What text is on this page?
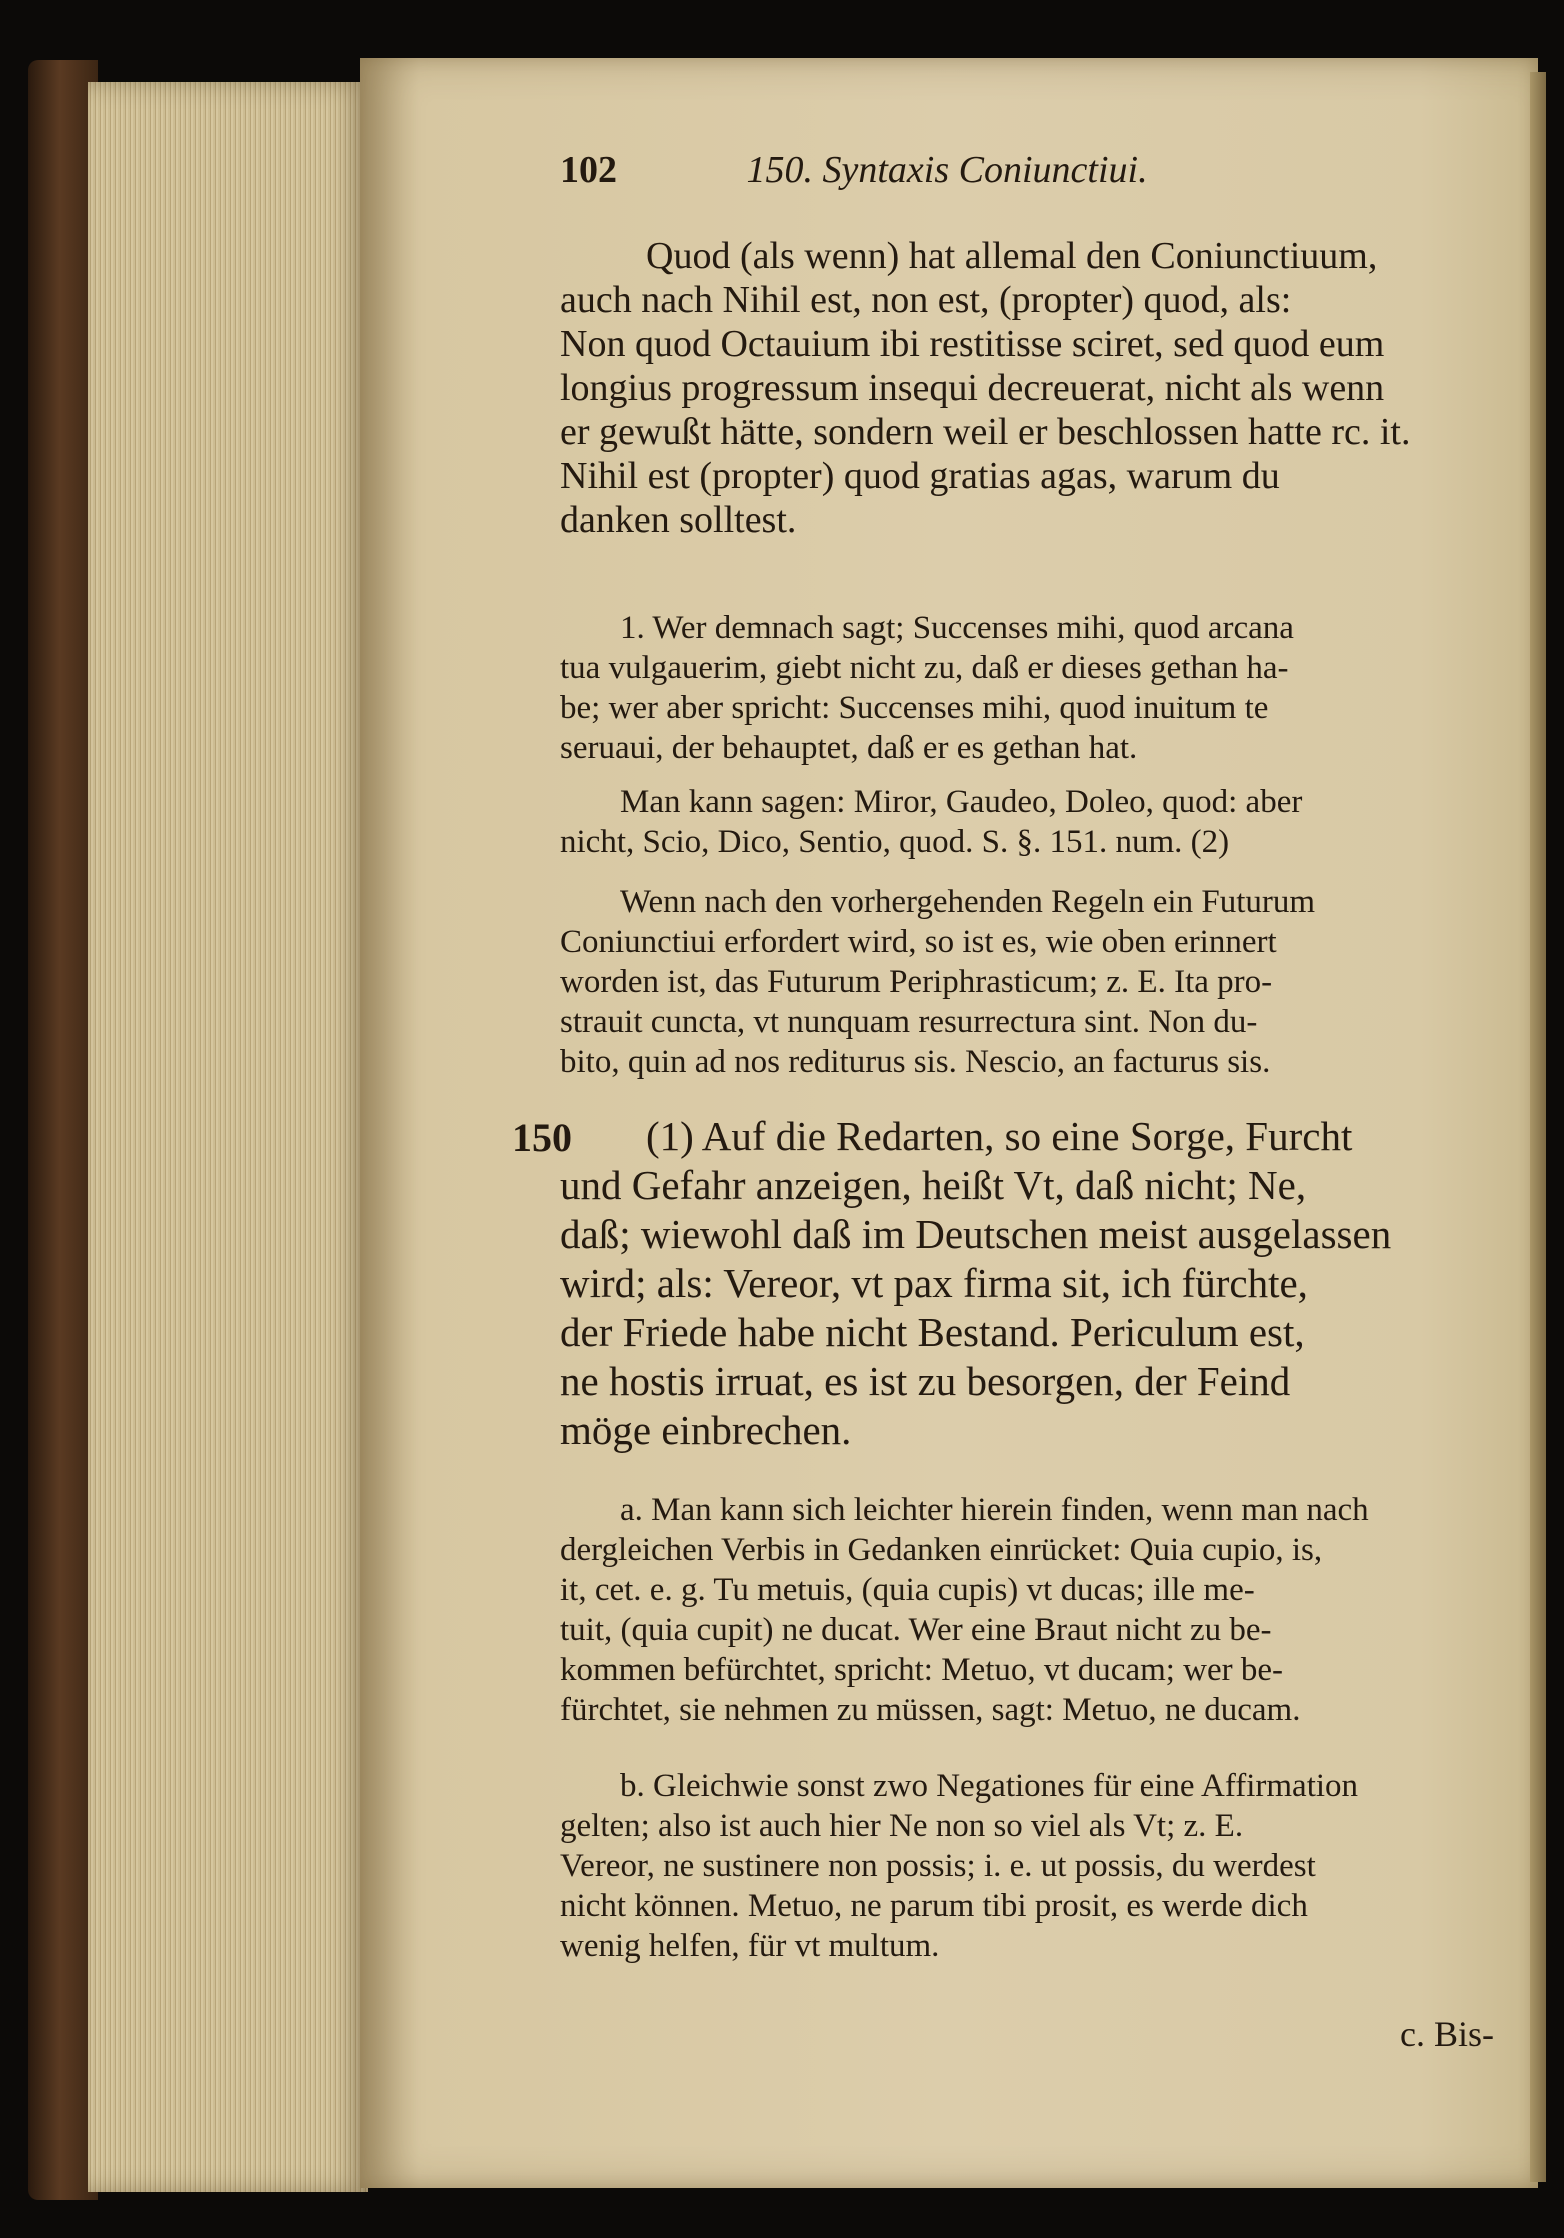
102	150. Syntaxis Coniunctiui.
Quod (als wenn) hat allemal den Coniunctiuum,
auch nach Nihil est, non est, (propter) quod, als:
Non quod Octauium ibi restitisse sciret, sed quod eum
longius progressum insequi decreuerat, nicht als wenn
er gewußt hätte, sondern weil er beschlossen hatte rc. it.
Nihil est (propter) quod gratias agas, warum du
danken solltest.
1. Wer demnach sagt; Succenses mihi, quod arcana
tua vulgauerim, giebt nicht zu, daß er dieses gethan ha-
be; wer aber spricht: Succenses mihi, quod inuitum te
seruaui, der behauptet, daß er es gethan hat.
Man kann sagen: Miror, Gaudeo, Doleo, quod: aber
nicht, Scio, Dico, Sentio, quod. S. §. 151. num. (2)
Wenn nach den vorhergehenden Regeln ein Futurum
Coniunctiui erfordert wird, so ist es, wie oben erinnert
worden ist, das Futurum Periphrasticum; z. E. Ita pro-
strauit cuncta, vt nunquam resurrectura sint. Non du-
bito, quin ad nos rediturus sis. Nescio, an facturus sis.
150 (1) Auf die Redarten, so eine Sorge, Furcht
und Gefahr anzeigen, heißt Vt, daß nicht; Ne,
daß; wiewohl daß im Deutschen meist ausgelassen
wird; als: Vereor, vt pax firma sit, ich fürchte,
der Friede habe nicht Bestand. Periculum est,
ne hostis irruat, es ist zu besorgen, der Feind
möge einbrechen.
a. Man kann sich leichter hierein finden, wenn man nach
dergleichen Verbis in Gedanken einrücket: Quia cupio, is,
it, cet. e. g. Tu metuis, (quia cupis) vt ducas; ille me-
tuit, (quia cupit) ne ducat. Wer eine Braut nicht zu be-
kommen befürchtet, spricht: Metuo, vt ducam; wer be-
fürchtet, sie nehmen zu müssen, sagt: Metuo, ne ducam.
b. Gleichwie sonst zwo Negationes für eine Affirmation
gelten; also ist auch hier Ne non so viel als Vt; z. E.
Vereor, ne sustinere non possis; i. e. ut possis, du werdest
nicht können. Metuo, ne parum tibi prosit, es werde dich
wenig helfen, für vt multum.
c. Bis-
